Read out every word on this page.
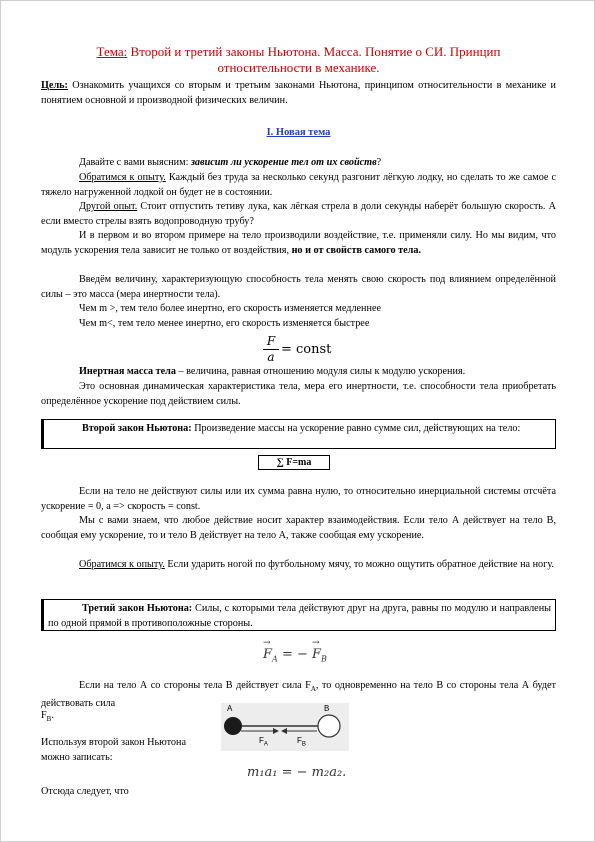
Тема: Второй и третий законы Ньютона. Масса. Понятие о СИ. Принцип относительности в механике.
Цель: Ознакомить учащихся со вторым и третьим законами Ньютона, принципом относительности в механике и понятием основной и производной физических величин.
I. Новая тема
Давайте с вами выясним: зависит ли ускорение тел от их свойств?
Обратимся к опыту. Каждый без труда за несколько секунд разгонит лёгкую лодку, но сделать то же самое с тяжело нагруженной лодкой он будет не в состоянии.
Другой опыт. Стоит отпустить тетиву лука, как лёгкая стрела в доли секунды наберёт большую скорость. А если вместо стрелы взять водопроводную трубу?
И в первом и во втором примере на тело производили воздействие, т.е. применяли силу. Но мы видим, что модуль ускорения тела зависит не только от воздействия, но и от свойств самого тела.
Введём величину, характеризующую способность тела менять свою скорость под влиянием определённой силы – это масса (мера инертности тела).
Чем m >, тем тело более инертно, его скорость изменяется медленнее
Чем m<, тем тело менее инертно, его скорость изменяется быстрее
F
a = const
Инертная масса тела – величина, равная отношению модуля силы к модулю ускорения.
Это основная динамическая характеристика тела, мера его инертности, т.е. способности тела приобретать определённое ускорение под действием силы.
Второй закон Ньютона: Произведение массы на ускорение равно сумме сил, действующих на тело:
∑ F=ma
Если на тело не действуют силы или их сумма равна нулю, то относительно инерциальной системы отсчёта ускорение = 0, а => скорость = const.
Мы с вами знаем, что любое действие носит характер взаимодействия. Если тело А действует на тело В, сообщая ему ускорение, то и тело В действует на тело А, также сообщая ему ускорение.
Обратимся к опыту. Если ударить ногой по футбольному мячу, то можно ощутить обратное действие на ногу.
Третий закон Ньютона: Силы, с которыми тела действуют друг на друга, равны по модулю и направлены по одной прямой в противоположные стороны.
→
$F_A$ = −
→
$F_B$
Если на тело А со стороны тела В действует сила $F_A$, то одновременно на тело В со стороны тела А будет действовать сила
$F_B$.
A	B
$F_A$	$F_B$
Используя второй закон Ньютона можно записать:
m₁a₁ = − m₂a₂.
Отсюда следует, что
